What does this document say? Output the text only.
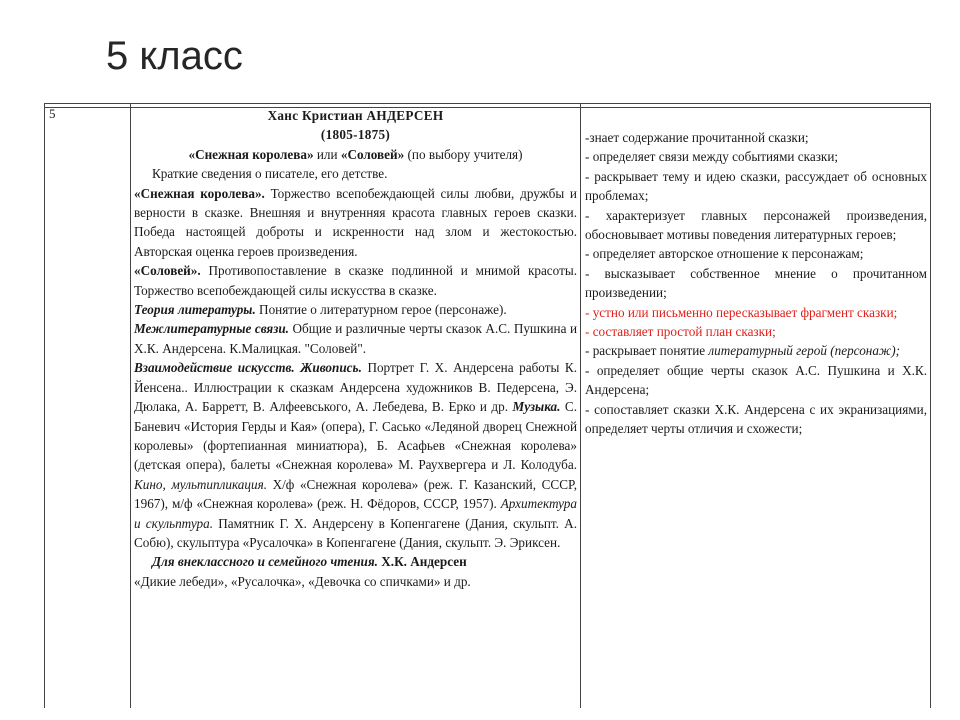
5 класс
5	Ханс Кристиан АНДЕРСЕН

(1805-1875)

«Снежная королева» или «Соловей» (по выбору учителя)

Краткие сведения о писателе, его детстве.

«Снежная королева». Торжество всепобеждающей силы любви, дружбы и верности в сказке. Внешняя и внутренняя красота главных героев сказки. Победа настоящей доброты и искренности над злом и жестокостью. Авторская оценка героев произведения.

«Соловей». Противопоставление в сказке подлинной и мнимой красоты. Торжество всепобеждающей силы искусства в сказке.

Теория литературы. Понятие о литературном герое (персонаже).

Межлитературные связи. Общие и различные черты сказок А.С. Пушкина и Х.К. Андерсена. К.Малицкая. "Соловей".

Взаимодействие искусств. Живопись. Портрет Г. Х. Андерсена работы К. Йенсена.. Иллюстрации к сказкам Андерсена художников В. Педерсена, Э. Дюлака, А. Барретт, В. Алфеевського, А. Лебедева, В. Ерко и др. Музыка. С. Баневич «История Герды и Кая» (опера), Г. Сасько «Ледяной дворец Снежной королевы» (фортепианная миниатюра), Б. Асафьев «Снежная королева» (детская опера), балеты «Снежная королева» М. Раухвергера и Л. Колодуба. Кино, мультипликация. Х/ф «Снежная королева» (реж. Г. Казанский, СССР, 1967), м/ф «Снежная королева» (реж. Н. Фёдоров, СССР, 1957). Архитектура и скульптура. Памятник Г. Х. Андерсену в Копенгагене (Дания, скульпт. А. Собю), скульптура «Русалочка» в Копенгагене (Дания, скульпт. Э. Эриксен.

Для внеклассного и семейного чтения. Х.К. Андерсен

«Дикие лебеди», «Русалочка», «Девочка со спичками» и др.

-знает содержание прочитанной сказки;

- определяет связи между событиями сказки;

- раскрывает тему и идею сказки, рассуждает об основных проблемах;

- характеризует главных персонажей произведения, обосновывает мотивы поведения литературных героев;

- определяет авторское отношение к персонажам;

- высказывает собственное мнение о прочитанном произведении;

- устно или письменно пересказывает фрагмент сказки;

- составляет простой план сказки;

- раскрывает понятие литературный герой (персонаж);

- определяет общие черты сказок А.С. Пушкина и Х.К. Андерсена;

- сопоставляет сказки Х.К. Андерсена с их экранизациями, определяет черты отличия и схожести;
